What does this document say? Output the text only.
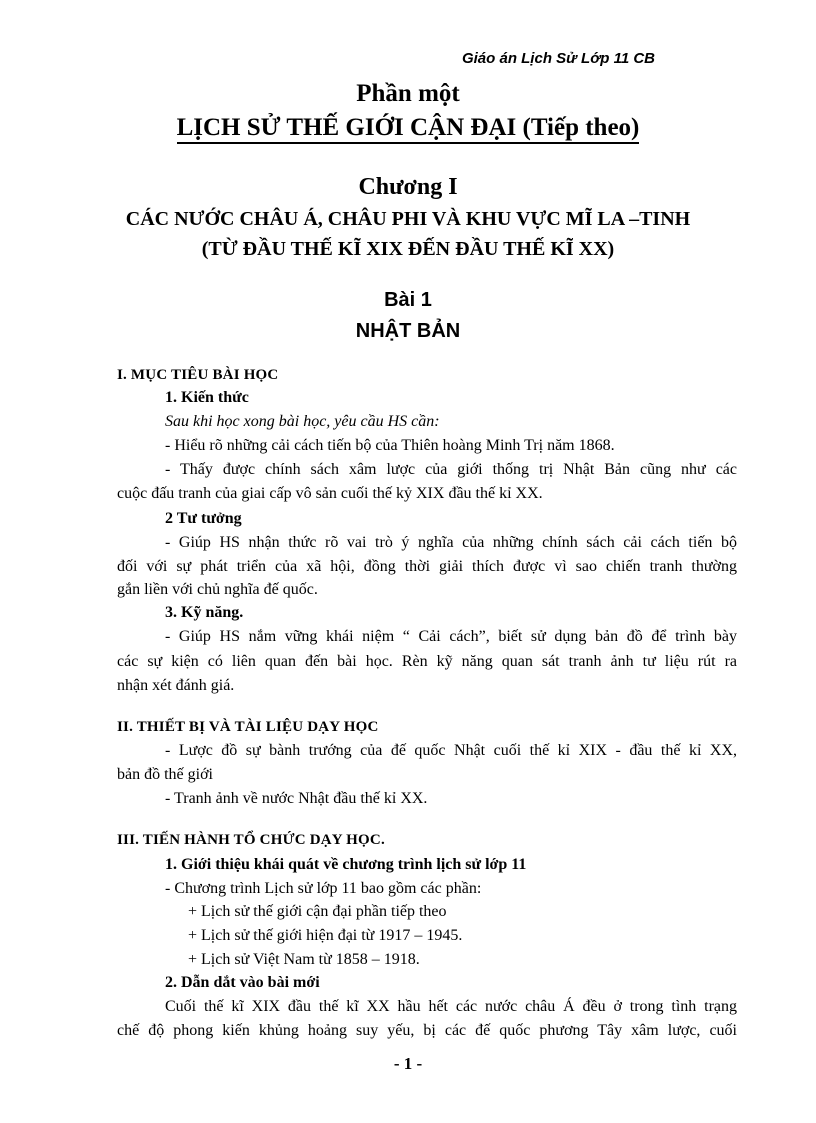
Giáo án Lịch Sử Lớp 11 CB
Phần một
LỊCH SỬ THẾ GIỚI CẬN ĐẠI (Tiếp theo)
Chương I
CÁC NƯỚC CHÂU Á, CHÂU PHI VÀ KHU VỰC MĨ LA –TINH
(TỪ ĐẦU THẾ KĨ XIX ĐẾN ĐẦU THẾ KĨ XX)
Bài 1
NHẬT BẢN
I. MỤC TIÊU BÀI HỌC
1. Kiến thức
Sau khi học xong bài học, yêu cầu HS cần:
- Hiểu rõ những cải cách tiến bộ của Thiên hoàng Minh Trị năm 1868.
- Thấy được chính sách xâm lược của giới thống trị Nhật Bản cũng như các
cuộc đấu tranh của giai cấp vô sản cuối thế kỷ XIX đầu thế kỉ XX.
2 Tư tưởng
- Giúp HS nhận thức rõ vai trò ý nghĩa của những chính sách cải cách tiến bộ
đối với sự phát triển của xã hội, đồng thời giải thích được vì sao chiến tranh thường
gắn liền với chủ nghĩa đế quốc.
3. Kỹ năng.
- Giúp HS nắm vững khái niệm “ Cải cách”, biết sử dụng bản đồ để trình bày
các sự kiện có liên quan đến bài học. Rèn kỹ năng quan sát tranh ảnh tư liệu rút ra
nhận xét đánh giá.
II. THIẾT BỊ VÀ TÀI LIỆU DẠY HỌC
- Lược đồ sự bành trướng của đế quốc Nhật cuối thế kỉ XIX - đầu thế kỉ XX,
bản đồ thế giới
- Tranh ảnh về nước Nhật đầu thế kỉ XX.
III. TIẾN HÀNH TỔ CHỨC DẠY HỌC.
1. Giới thiệu khái quát về chương trình lịch sử lớp 11
- Chương trình Lịch sử lớp 11 bao gồm các phần:
+ Lịch sử thế giới cận đại phần tiếp theo
+ Lịch sử thế giới hiện đại từ 1917 – 1945.
+ Lịch sử Việt Nam từ 1858 – 1918.
2. Dẫn dắt vào bài mới
Cuối thế kĩ XIX đầu thế kĩ XX hầu hết các nước châu Á đều ở trong tình trạng
chế độ phong kiến khủng hoảng suy yếu, bị các đế quốc phương Tây xâm lược, cuối
- 1 -
